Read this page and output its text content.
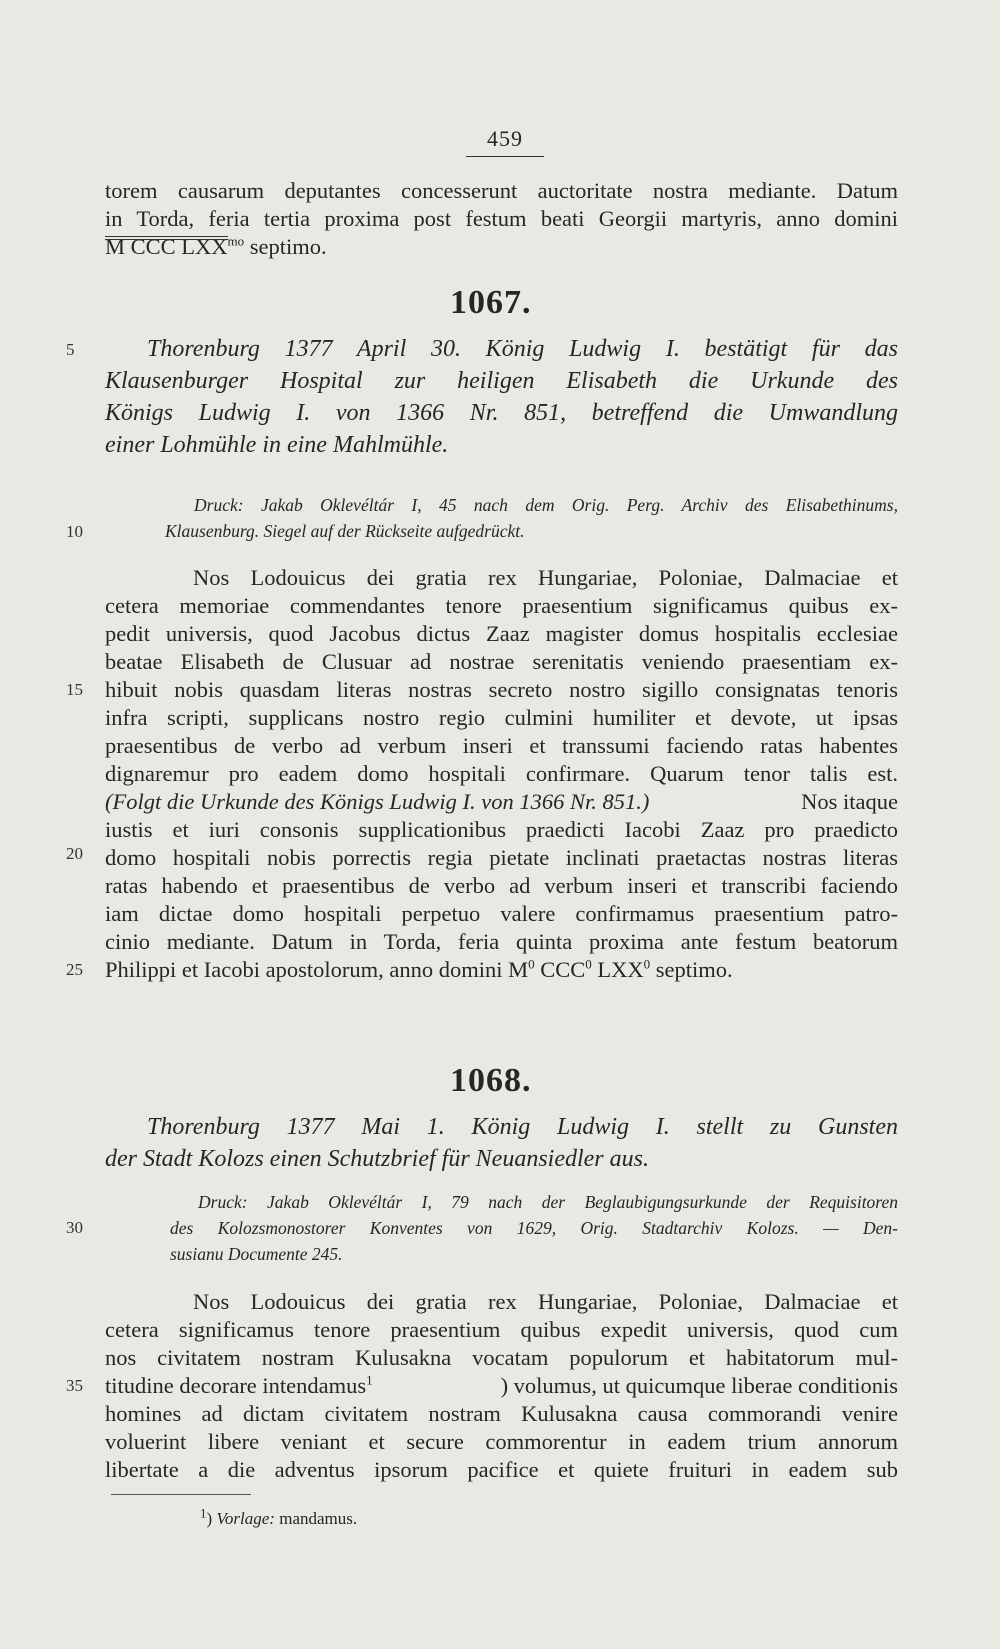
459
torem causarum deputantes concesserunt auctoritate nostra mediante. Datum
in Torda, feria tertia proxima post festum beati Georgii martyris, anno domini
M CCC $LXX^{mo}$ septimo.
1067.
5	Thorenburg 1377 April 30. König Ludwig I. bestätigt für das
Klausenburger Hospital zur heiligen Elisabeth die Urkunde des
Königs Ludwig I. von 1366 Nr. 851, betreffend die Umwandlung
einer Lohmühle in eine Mahlmühle.
Druck: Jakab Oklevéltár I, 45 nach dem Orig. Perg. Archiv des Elisabethinums,
10	Klausenburg. Siegel auf der Rückseite aufgedrückt.
Nos Lodouicus dei gratia rex Hungariae, Poloniae, Dalmaciae et
cetera memoriae commendantes tenore praesentium significamus quibus ex-
pedit universis, quod Jacobus dictus Zaaz magister domus hospitalis ecclesiae
beatae Elisabeth de Clusuar ad nostrae serenitatis veniendo praesentiam ex-
15 hibuit nobis quasdam literas nostras secreto nostro sigillo consignatas tenoris
infra scripti, supplicans nostro regio culmini humiliter et devote, ut ipsas
praesentibus de verbo ad verbum inseri et transsumi faciendo ratas habentes
dignaremur pro eadem domo hospitali confirmare. Quarum tenor talis est.
(Folgt die Urkunde des Königs Ludwig I. von 1366 Nr. 851.)	Nos itaque
20
iustis et iuri consonis supplicationibus praedicti Iacobi Zaaz pro praedicto
domo hospitali nobis porrectis regia pietate inclinati praetactas nostras literas
ratas habendo et praesentibus de verbo ad verbum inseri et transcribi faciendo
iam dictae domo hospitali perpetuo valere confirmamus praesentium patro-
cinio mediante. Datum in Torda, feria quinta proxima ante festum beatorum
25 Philippi et Iacobi apostolorum, anno domini $M^0$ CCC$^0$ LXX$^0$ septimo.
1068.
Thorenburg 1377 Mai 1. König Ludwig I. stellt zu Gunsten
der Stadt Kolozs einen Schutzbrief für Neuansiedler aus.
Druck: Jakab Oklevéltár I, 79 nach der Beglaubigungsurkunde der Requisitoren
30	des Kolozsmonostorer Konventes von 1629, Orig. Stadtarchiv Kolozs. — Den-
susianu Documente 245.
Nos Lodouicus dei gratia rex Hungariae, Poloniae, Dalmaciae et
cetera significamus tenore praesentium quibus expedit universis, quod cum
nos civitatem nostram Kulusakna vocatam populorum et habitatorum mul-
35 titudine decorare intendamus$^1$	) volumus, ut quicumque liberae conditionis
homines ad dictam civitatem nostram Kulusakna causa commorandi venire
voluerint libere veniant et secure commorentur in eadem trium annorum
libertate a die adventus ipsorum pacifice et quiete fruituri in eadem sub
$^1$) Vorlage: mandamus.
